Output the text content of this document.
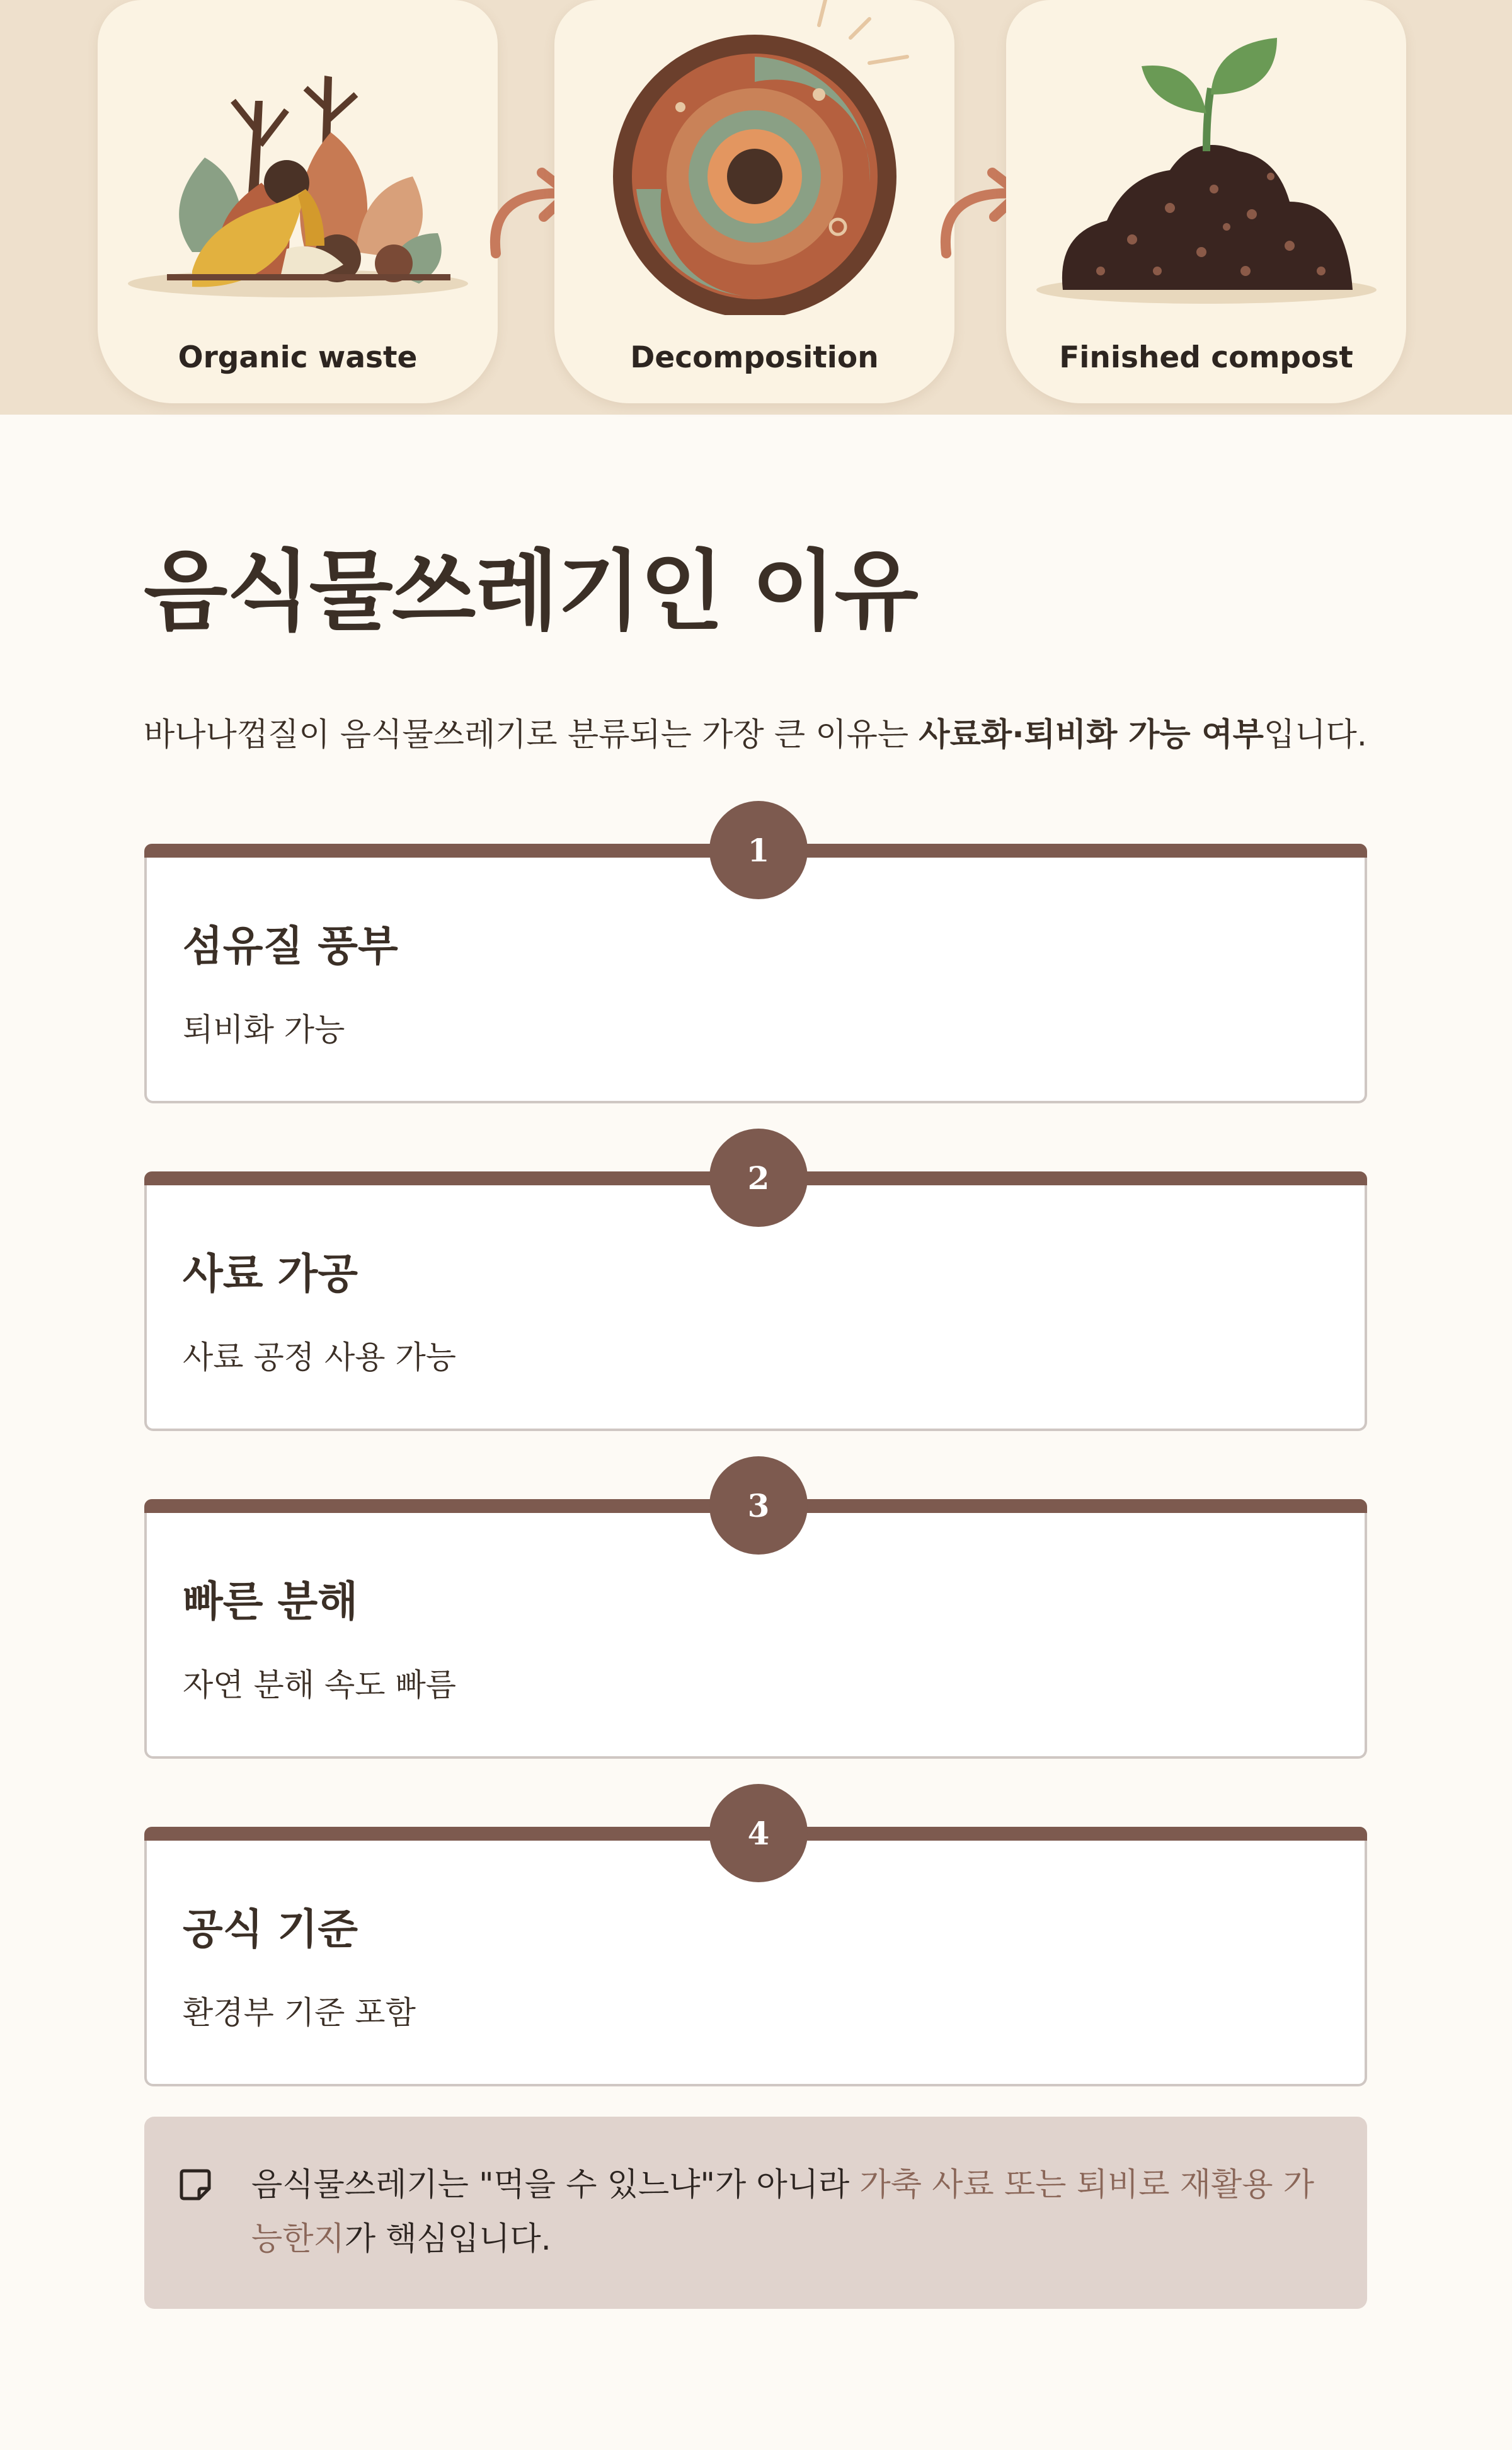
Organic waste	Decomposition	Finished compost
음식물쓰레기인 이유
바나나껍질이 음식물쓰레기로 분류되는 가장 큰 이유는 사료화·퇴비화 가능 여부입니다.
1
섬유질 풍부

퇴비화 가능

2
사료 가공

사료 공정 사용 가능

3
빠른 분해

자연 분해 속도 빠름

4
공식 기준

환경부 기준 포함

음식물쓰레기는 "먹을 수 있느냐"가 아니라 가축 사료 또는 퇴비로 재활용 가능한지가 핵심입니다.
